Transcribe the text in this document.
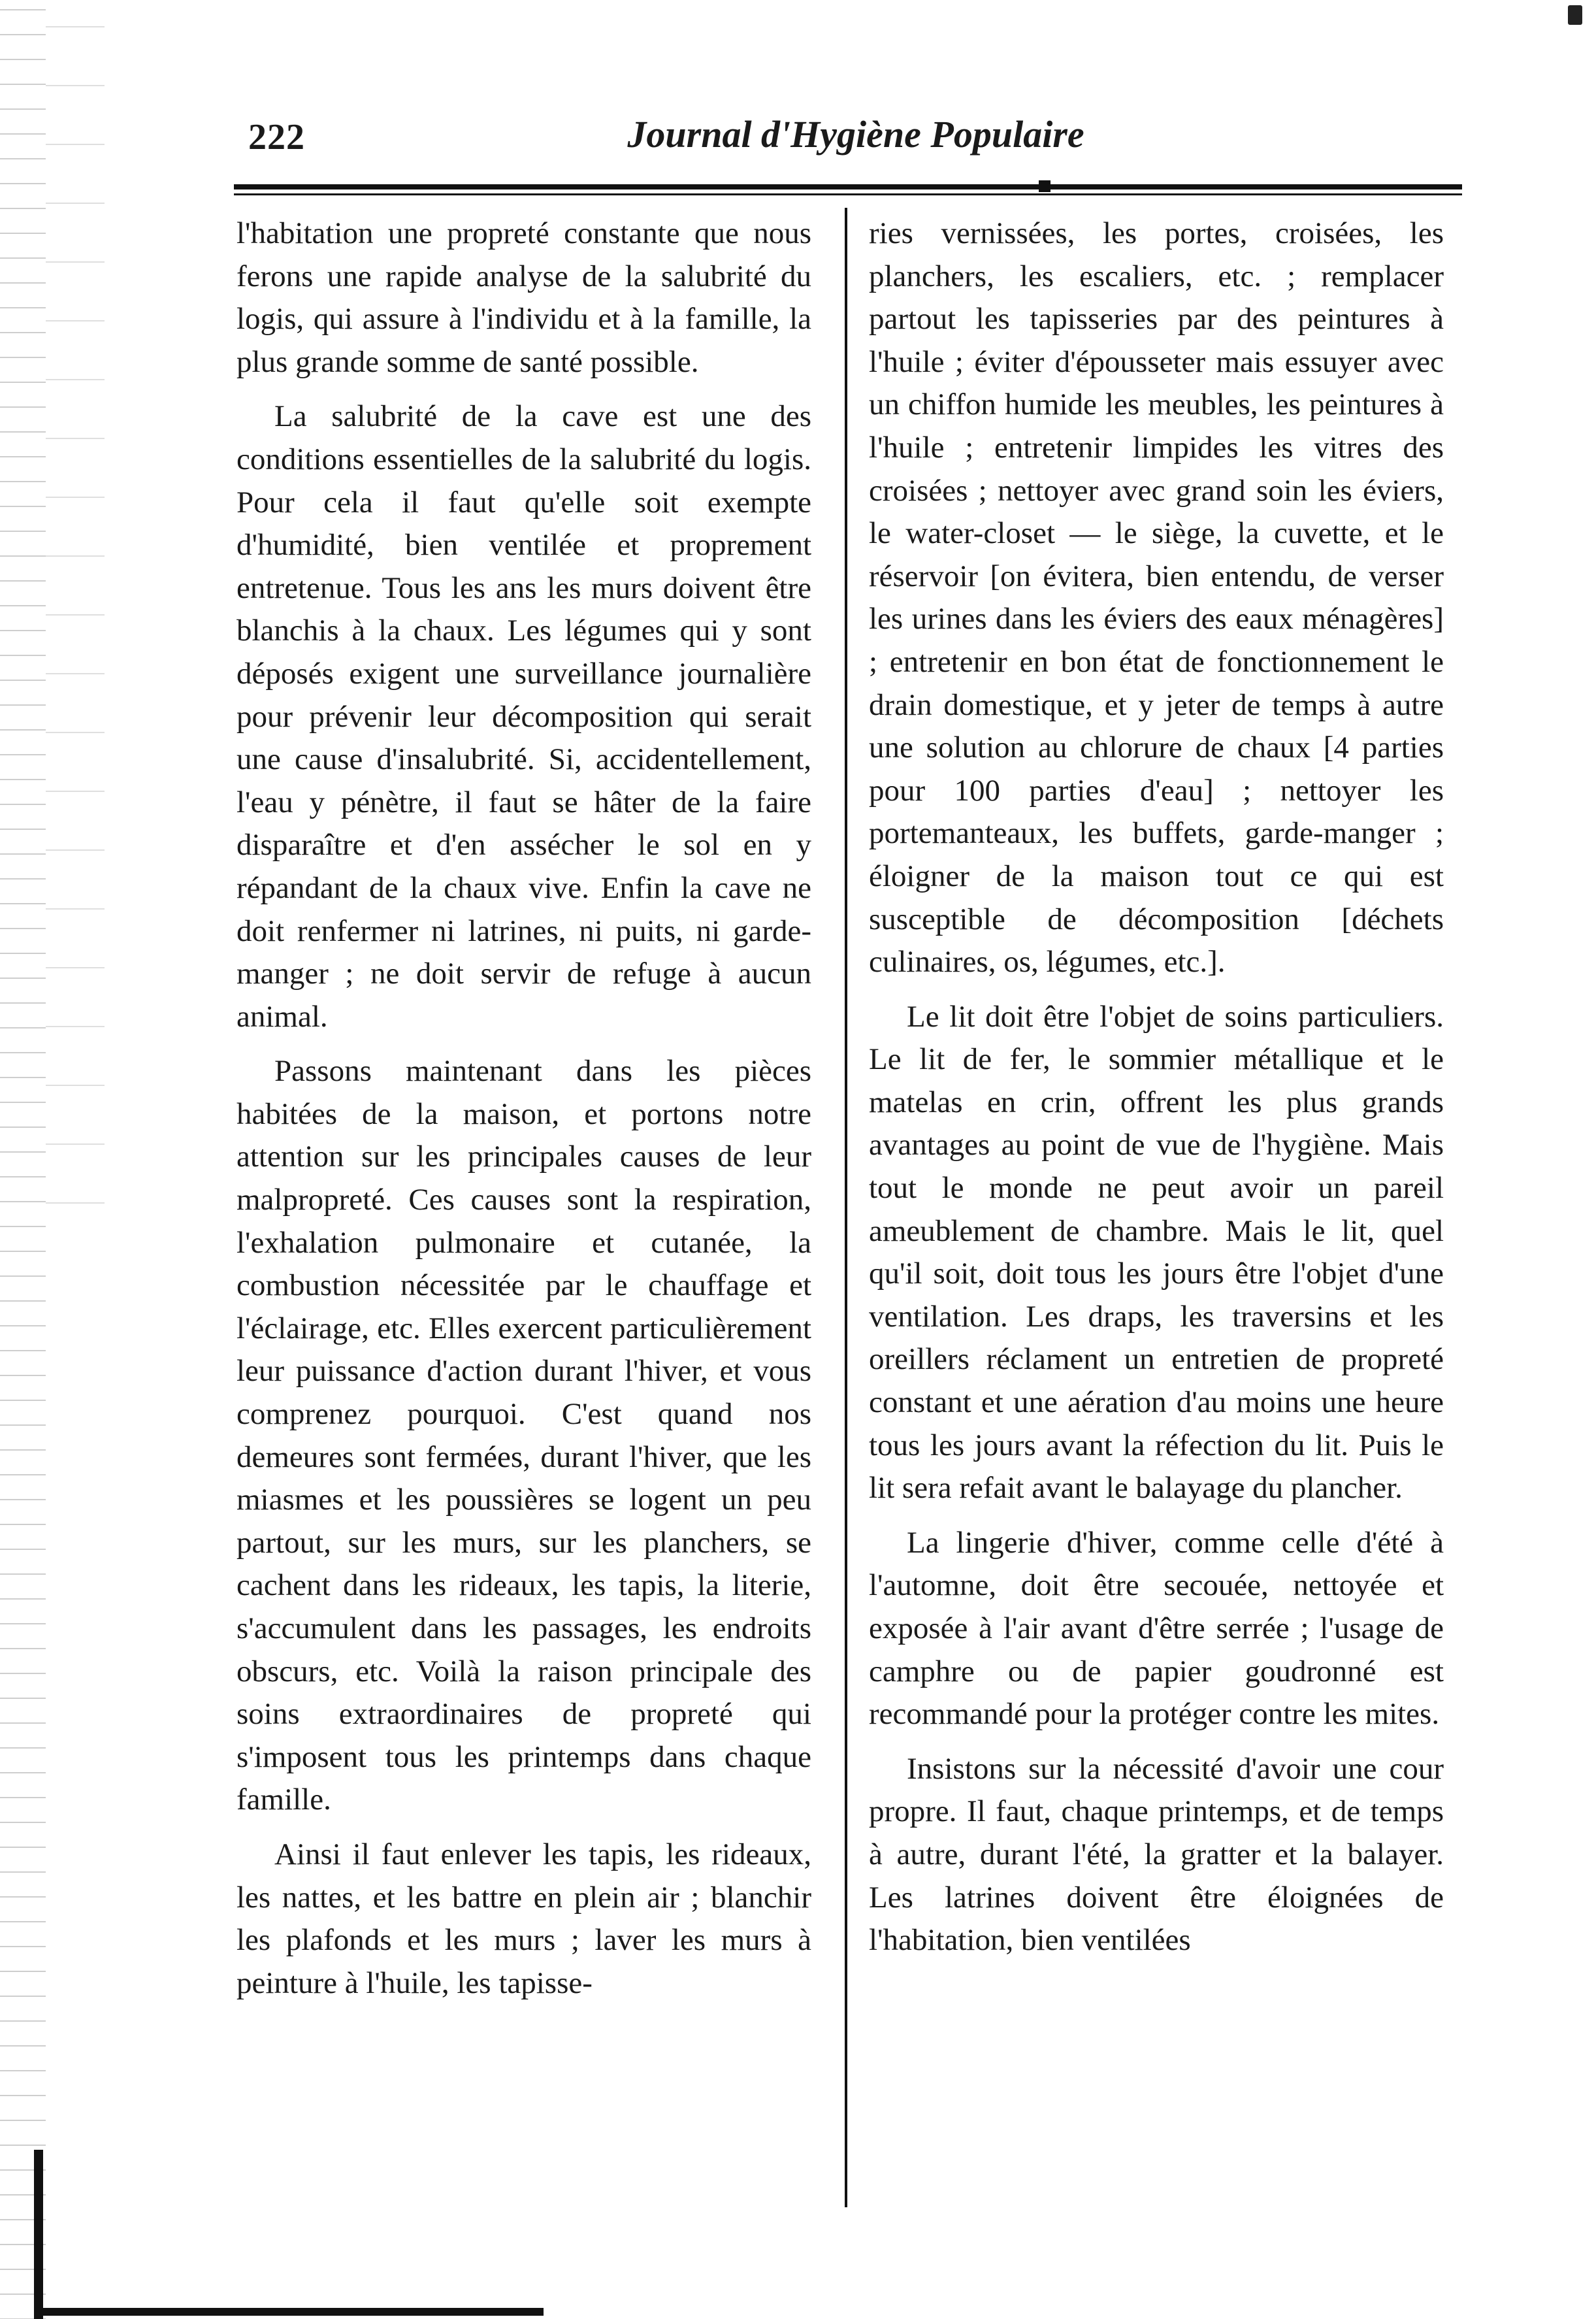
222	Journal d'Hygiène Populaire

l'habitation une propreté constante que nous ferons une rapide analyse de la salubrité du logis, qui assure à l'individu et à la famille, la plus grande somme de santé possible.

La salubrité de la cave est une des conditions essentielles de la salubrité du logis. Pour cela il faut qu'elle soit exempte d'humidité, bien ventilée et proprement entretenue. Tous les ans les murs doivent être blanchis à la chaux. Les légumes qui y sont déposés exigent une surveillance journalière pour prévenir leur décomposition qui serait une cause d'insalubrité. Si, accidentellement, l'eau y pénètre, il faut se hâter de la faire disparaître et d'en assécher le sol en y répandant de la chaux vive. Enfin la cave ne doit renfermer ni latrines, ni puits, ni garde-manger ; ne doit servir de refuge à aucun animal.

Passons maintenant dans les pièces habitées de la maison, et portons notre attention sur les principales causes de leur malpropreté. Ces causes sont la respiration, l'exhalation pulmonaire et cutanée, la combustion nécessitée par le chauffage et l'éclairage, etc. Elles exercent particulièrement leur puissance d'action durant l'hiver, et vous comprenez pourquoi. C'est quand nos demeures sont fermées, durant l'hiver, que les miasmes et les poussières se logent un peu partout, sur les murs, sur les planchers, se cachent dans les rideaux, les tapis, la literie, s'accumulent dans les passages, les endroits obscurs, etc. Voilà la raison principale des soins extraordinaires de propreté qui s'imposent tous les printemps dans chaque famille.

Ainsi il faut enlever les tapis, les rideaux, les nattes, et les battre en plein air ; blanchir les plafonds et les murs ; laver les murs à peinture à l'huile, les tapisse-

ries vernissées, les portes, croisées, les planchers, les escaliers, etc. ; remplacer partout les tapisseries par des peintures à l'huile ; éviter d'épousseter mais essuyer avec un chiffon humide les meubles, les peintures à l'huile ; entretenir limpides les vitres des croisées ; nettoyer avec grand soin les éviers, le water-closet — le siège, la cuvette, et le réservoir [on évitera, bien entendu, de verser les urines dans les éviers des eaux ménagères] ; entretenir en bon état de fonctionnement le drain domestique, et y jeter de temps à autre une solution au chlorure de chaux [4 parties pour 100 parties d'eau] ; nettoyer les portemanteaux, les buffets, garde-manger ; éloigner de la maison tout ce qui est susceptible de décomposition [déchets culinaires, os, légumes, etc.].

Le lit doit être l'objet de soins particuliers. Le lit de fer, le sommier métallique et le matelas en crin, offrent les plus grands avantages au point de vue de l'hygiène. Mais tout le monde ne peut avoir un pareil ameublement de chambre. Mais le lit, quel qu'il soit, doit tous les jours être l'objet d'une ventilation. Les draps, les traversins et les oreillers réclament un entretien de propreté constant et une aération d'au moins une heure tous les jours avant la réfection du lit. Puis le lit sera refait avant le balayage du plancher.

La lingerie d'hiver, comme celle d'été à l'automne, doit être secouée, nettoyée et exposée à l'air avant d'être serrée ; l'usage de camphre ou de papier goudronné est recommandé pour la protéger contre les mites.

Insistons sur la nécessité d'avoir une cour propre. Il faut, chaque printemps, et de temps à autre, durant l'été, la gratter et la balayer. Les latrines doivent être éloignées de l'habitation, bien ventilées
